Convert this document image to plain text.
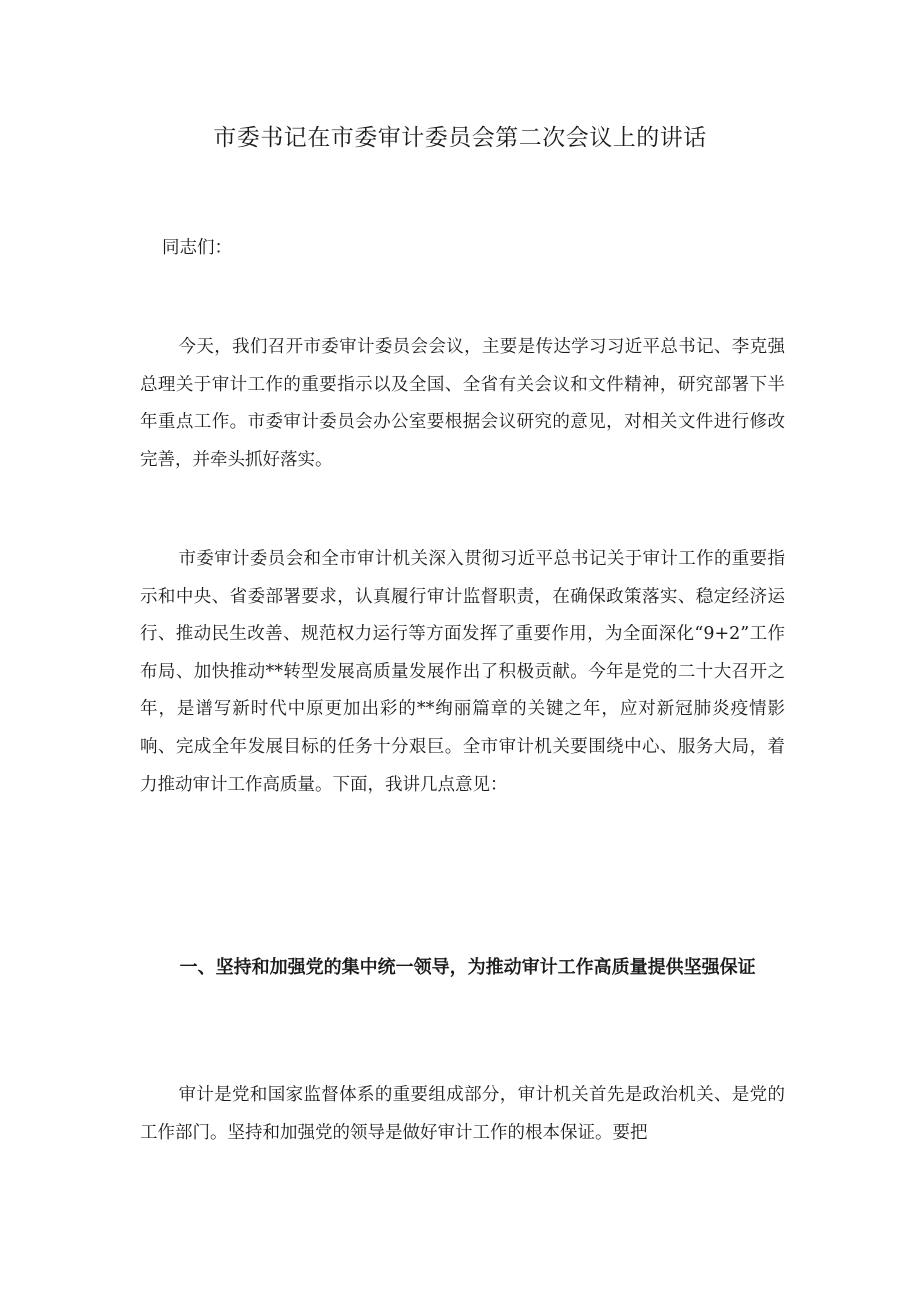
市委书记在市委审计委员会第二次会议上的讲话
同志们：
今天，我们召开市委审计委员会会议，主要是传达学习习近平总书记、李克强总理关于审计工作的重要指示以及全国、全省有关会议和文件精神，研究部署下半年重点工作。市委审计委员会办公室要根据会议研究的意见，对相关文件进行修改完善，并牵头抓好落实。
市委审计委员会和全市审计机关深入贯彻习近平总书记关于审计工作的重要指示和中央、省委部署要求，认真履行审计监督职责，在确保政策落实、稳定经济运行、推动民生改善、规范权力运行等方面发挥了重要作用，为全面深化“9+2”工作布局、加快推动**转型发展高质量发展作出了积极贡献。今年是党的二十大召开之年，是谱写新时代中原更加出彩的**绚丽篇章的关键之年，应对新冠肺炎疫情影响、完成全年发展目标的任务十分艰巨。全市审计机关要围绕中心、服务大局，着力推动审计工作高质量。下面，我讲几点意见：
一、坚持和加强党的集中统一领导，为推动审计工作高质量提供坚强保证
审计是党和国家监督体系的重要组成部分，审计机关首先是政治机关、是党的工作部门。坚持和加强党的领导是做好审计工作的根本保证。要把
